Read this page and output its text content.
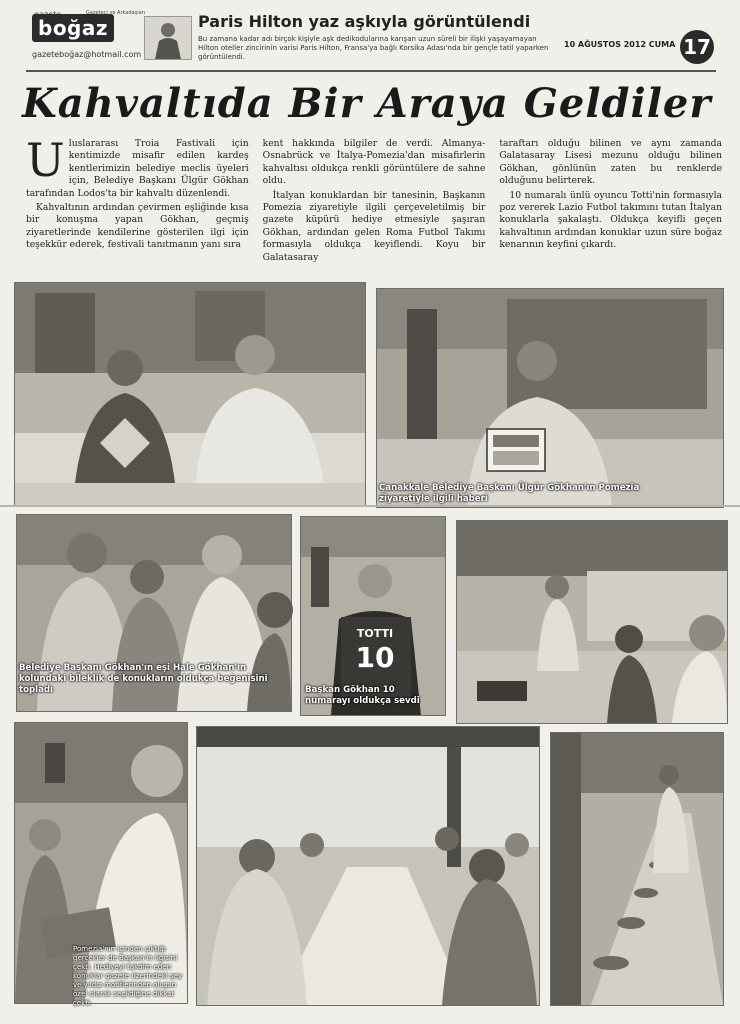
boğaz
gazeteboğaz@hotmail.com
Gazeteci ve Arkadaşları	Paris Hilton yaz aşkıyla görüntülendi
Bu zamana kadar adı birçok kişiyle aşk dedikodularına karışan uzun süreli bir ilişki yaşayamayan Hilton oteller zincirinin varisi Paris Hilton, Fransa'ya bağlı Korsika Adası'nda bir gençle tatil yaparken görüntülendi.
10 AĞUSTOS 2012 CUMA 17
Kahvaltıda Bir Araya Geldiler

Uluslararası Troia Fastivali için kentimizde misafir edilen kardeş kentlerimizin belediye meclis üyeleri için, Belediye Başkanı Ülgür Gökhan tarafından Lodos'ta bir kahvaltı düzenlendi.

Kahvaltının ardından çevirmen eşliğinde kısa bir konuşma yapan Gökhan, geçmiş ziyaretlerinde kendilerine gösterilen ilgi için teşekkür ederek, festivali tanıtmanın yanı sıra

kent hakkında bilgiler de verdi. Almanya-Osnabrück ve İtalya-Pomezia'dan misafirlerin kahvaltısı oldukça renkli görüntülere de sahne oldu.

İtalyan konuklardan bir tanesinin, Başkanın Pomezia ziyaretiyle ilgili çerçeveletilmiş bir gazete küpürü hediye etmesiyle şaşıran Gökhan, ardından gelen Roma Futbol Takımı formasıyla oldukça keyiflendi. Koyu bir Galatasaray

taraftarı olduğu bilinen ve aynı zamanda Galatasaray Lisesi mezunu olduğu bilinen Gökhan, gönlünün zaten bu renklerde olduğunu belirterek.

10 numaralı ünlü oyuncu Totti'nin formasıyla poz vererek Lazio Futbol takımını tutan İtalyan konuklarla şakalaştı. Oldukça keyifli geçen kahvaltının ardından konuklar uzun süre boğaz kenarının keyfini çıkardı.

Çanakkale Belediye Başkanı Ülgür Gökhan'ın Pomezia ziyaretiyle ilgili haberi
Belediye Başkanı Gökhan'ın eşi Hale Gökhan'ın kolundaki bileklik de konukların oldukça beğenisini topladı
TOTTI
10
Başkan Gökhan 10 numarayı oldukça sevdi
Pomezia'nın içinden çıktığı gerçekler de Başkan'ın ilgisini çekti. Hediyeyi takdim eden konuklar gazete üzerindeki şey ve yıldız motiflerinden oluşan özel olarak seçildiğine dikkat çekti.
